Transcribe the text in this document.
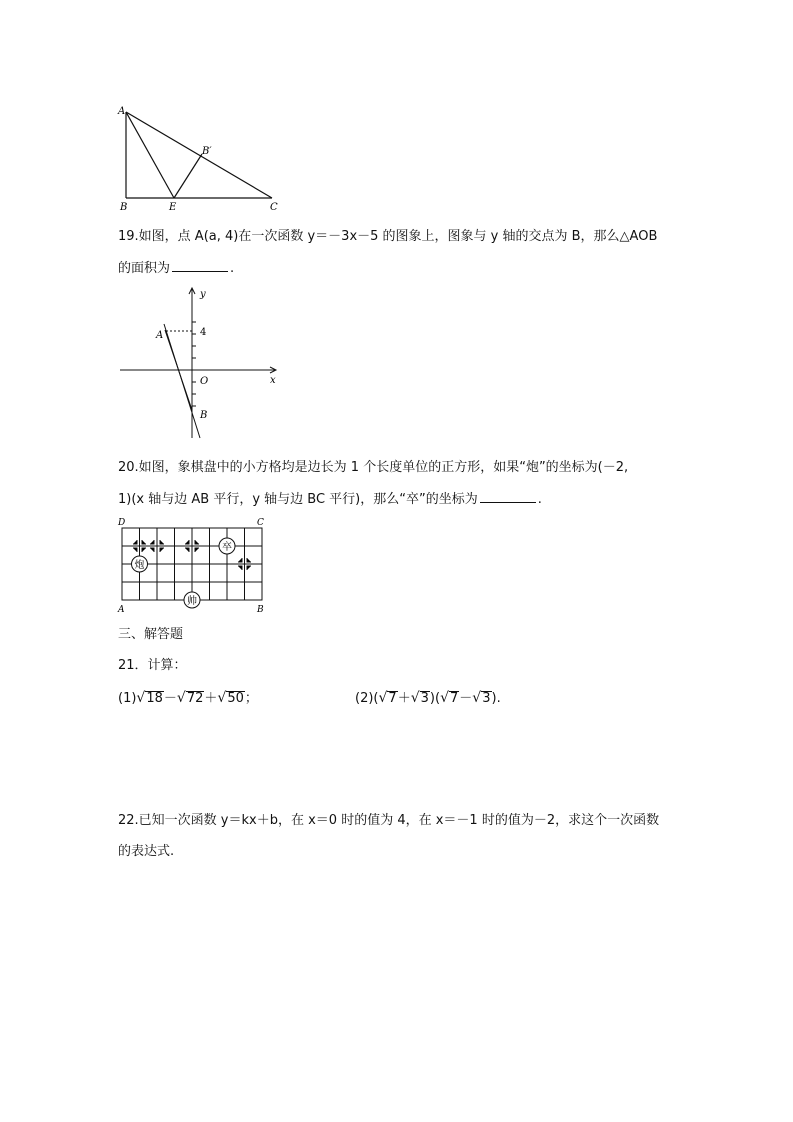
A
B	E	C
B′
19.如图，点 A(a, 4)在一次函数 y＝－3x－5 的图象上，图象与 y 轴的交点为 B，那么△AOB
的面积为	.
y
x
O
A
B
4
20.如图，象棋盘中的小方格均是边长为 1 个长度单位的正方形，如果“炮”的坐标为(－2,
1)(x 轴与边 AB 平行，y 轴与边 BC 平行)，那么“卒”的坐标为	.
炮
卒
帅
D	C
A	B
三、解答题
21．计算：
(1)√18－√72＋√50；	(2)(√7＋√3)(√7－√3).
22.已知一次函数 y＝kx＋b，在 x＝0 时的值为 4，在 x＝－1 时的值为－2，求这个一次函数
的表达式.
